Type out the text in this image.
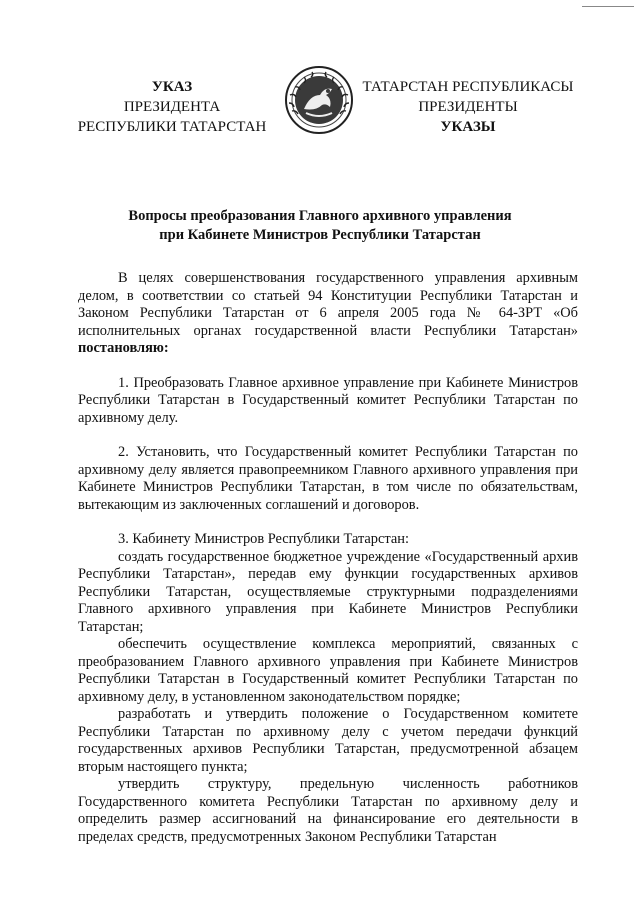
УКАЗ
ПРЕЗИДЕНТА
РЕСПУБЛИКИ ТАТАРСТАН
ТАТАРСТАН РЕСПУБЛИКАСЫ
ПРЕЗИДЕНТЫ
УКАЗЫ
Вопросы преобразования Главного архивного управления
при Кабинете Министров Республики Татарстан

В целях совершенствования государственного управления архивным делом, в соответствии со статьей 94 Конституции Республики Татарстан и Законом Республики Татарстан от 6 апреля 2005 года № 64-ЗРТ «Об исполнительных органах государственной власти Республики Татарстан» постановляю:

1. Преобразовать Главное архивное управление при Кабинете Министров Республики Татарстан в Государственный комитет Республики Татарстан по архивному делу.

2. Установить, что Государственный комитет Республики Татарстан по архивному делу является правопреемником Главного архивного управления при Кабинете Министров Республики Татарстан, в том числе по обязательствам, вытекающим из заключенных соглашений и договоров.

3. Кабинету Министров Республики Татарстан:

создать государственное бюджетное учреждение «Государственный архив Республики Татарстан», передав ему функции государственных архивов Республики Татарстан, осуществляемые структурными подразделениями Главного архивного управления при Кабинете Министров Республики Татарстан;

обеспечить осуществление комплекса мероприятий, связанных с преобразованием Главного архивного управления при Кабинете Министров Республики Татарстан в Государственный комитет Республики Татарстан по архивному делу, в установленном законодательством порядке;

разработать и утвердить положение о Государственном комитете Республики Татарстан по архивному делу с учетом передачи функций государственных архивов Республики Татарстан, предусмотренной абзацем вторым настоящего пункта;

утвердить структуру, предельную численность работников Государственного комитета Республики Татарстан по архивному делу и определить размер ассигнований на финансирование его деятельности в пределах средств, предусмотренных Законом Республики Татарстан
